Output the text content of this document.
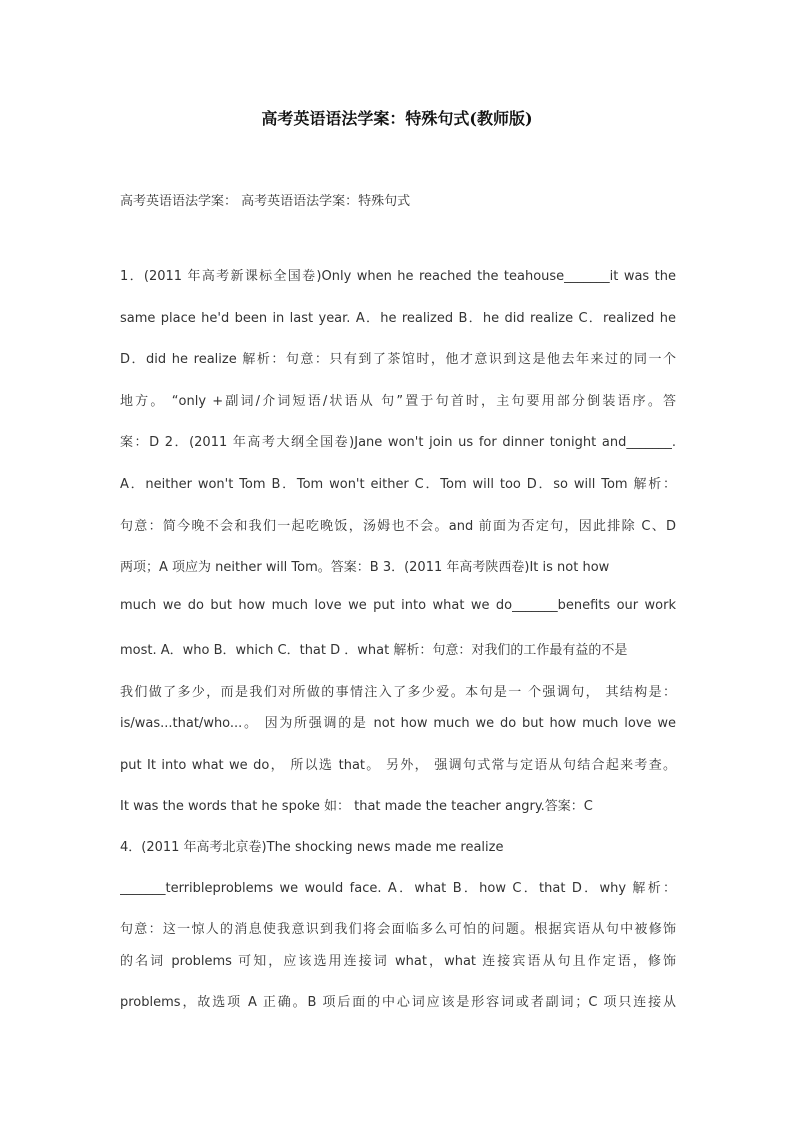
高考英语语法学案：特殊句式(教师版)
高考英语语法学案： 高考英语语法学案：特殊句式
1．(2011 年高考新课标全国卷)Only when he reached the teahouse_______it was the
same place he'd been in last year. A．he realized B．he did realize C．realized he
D．did he realize 解析：句意：只有到了茶馆时，他才意识到这是他去年来过的同一个
地方。 “only +副词/介词短语/状语从 句”置于句首时，主句要用部分倒装语序。答
案：D 2．(2011 年高考大纲全国卷)Jane won't join us for dinner tonight and_______.
A．neither won't Tom B．Tom won't either C．Tom will too D．so will Tom 解析：
句意：简今晚不会和我们一起吃晚饭，汤姆也不会。and 前面为否定句，因此排除 C、D
两项；A 项应为 neither will Tom。答案：B 3．(2011 年高考陕西卷)It is not how
much we do but how much love we put into what we do_______benefits our work
most. A．who B．which C．that D ．what 解析：句意：对我们的工作最有益的不是
我们做了多少，而是我们对所做的事情注入了多少爱。本句是一 个强调句， 其结构是：
is/was...that/who...。 因为所强调的是 not how much we do but how much love we
put It into what we do， 所以选 that。 另外， 强调句式常与定语从句结合起来考查。
It was the words that he spoke 如： that made the teacher angry.答案：C
4．(2011 年高考北京卷)The shocking news made me realize
_______terribleproblems we would face. A．what B．how C．that D．why 解析：
句意：这一惊人的消息使我意识到我们将会面临多么可怕的问题。根据宾语从句中被修饰
的名词 problems 可知，应该选用连接词 what，what 连接宾语从句且作定语，修饰
problems，故选项 A 正确。B 项后面的中心词应该是形容词或者副词；C 项只连接从
